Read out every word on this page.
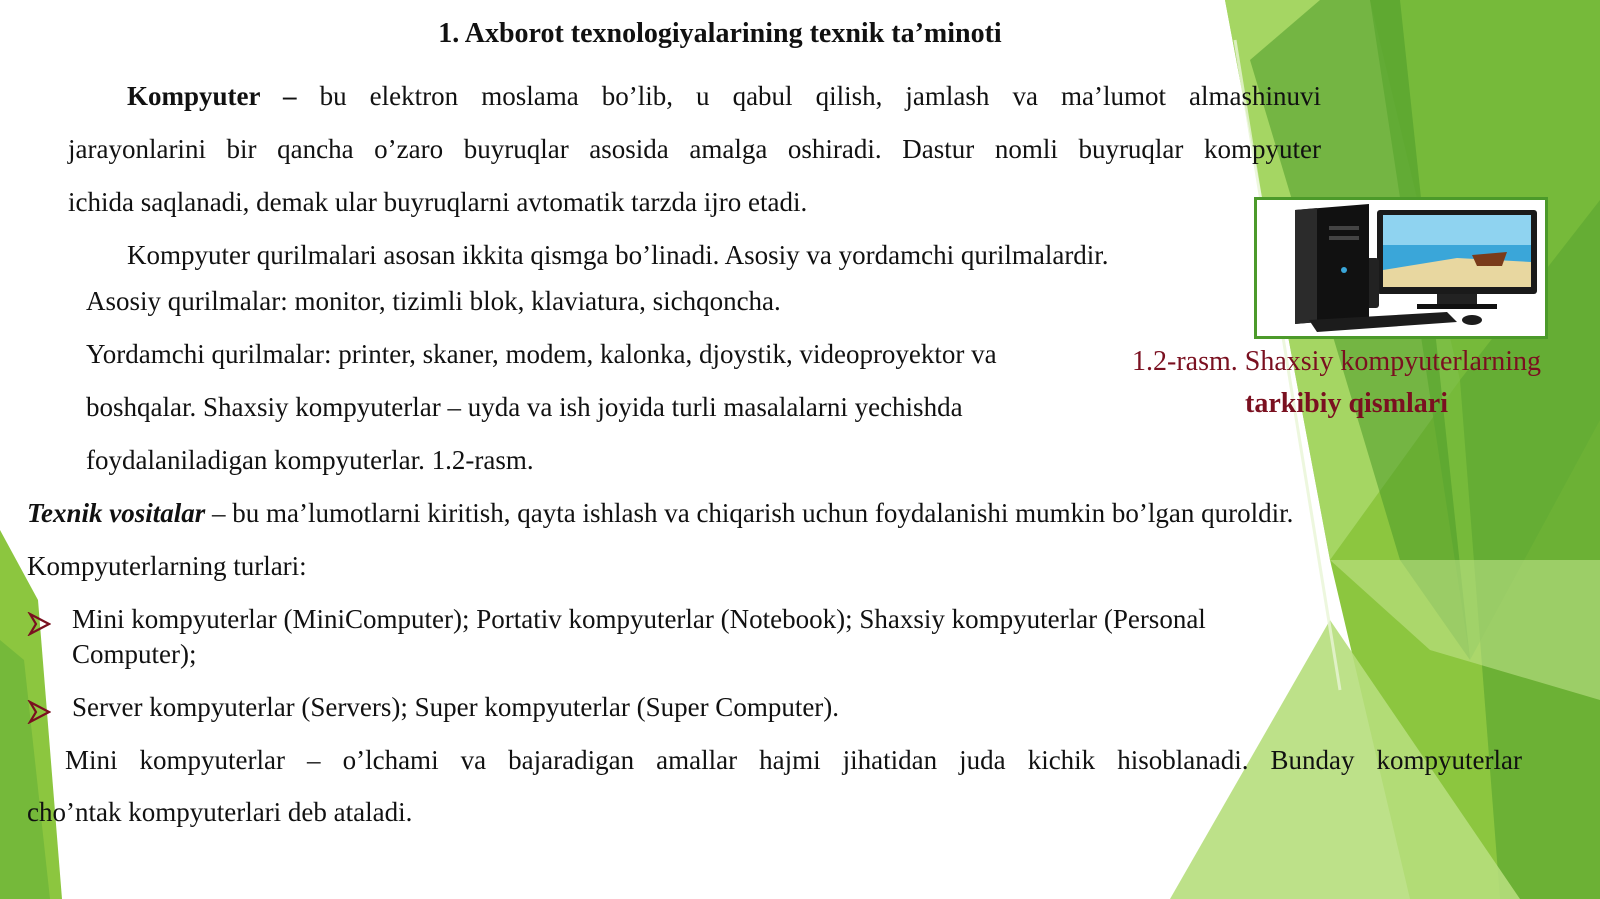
1. Axborot texnologiyalarining texnik ta’minoti
Kompyuter – bu elektron moslama bo’lib, u qabul qilish, jamlash va ma’lumot almashinuvi
jarayonlarini bir qancha o’zaro buyruqlar asosida amalga oshiradi. Dastur nomli buyruqlar kompyuter
ichida saqlanadi, demak ular buyruqlarni avtomatik tarzda ijro etadi.
Kompyuter qurilmalari asosan ikkita qismga bo’linadi. Asosiy va yordamchi qurilmalardir.
Asosiy qurilmalar: monitor, tizimli blok, klaviatura, sichqoncha.
Yordamchi qurilmalar: printer, skaner, modem, kalonka, djoystik, videoproyektor va
boshqalar. Shaxsiy kompyuterlar – uyda va ish joyida turli masalalarni yechishda
foydalaniladigan kompyuterlar. 1.2-rasm.
1.2-rasm. Shaxsiy kompyuterlarning
tarkibiy qismlari
Texnik vositalar – bu ma’lumotlarni kiritish, qayta ishlash va chiqarish uchun foydalanishi mumkin bo’lgan quroldir.
Kompyuterlarning turlari:
Mini kompyuterlar (MiniComputer); Portativ kompyuterlar (Notebook); Shaxsiy kompyuterlar (Personal
Computer);
Server kompyuterlar (Servers); Super kompyuterlar (Super Computer).
Mini kompyuterlar – o’lchami va bajaradigan amallar hajmi jihatidan juda kichik hisoblanadi. Bunday kompyuterlar
cho’ntak kompyuterlari deb ataladi.
